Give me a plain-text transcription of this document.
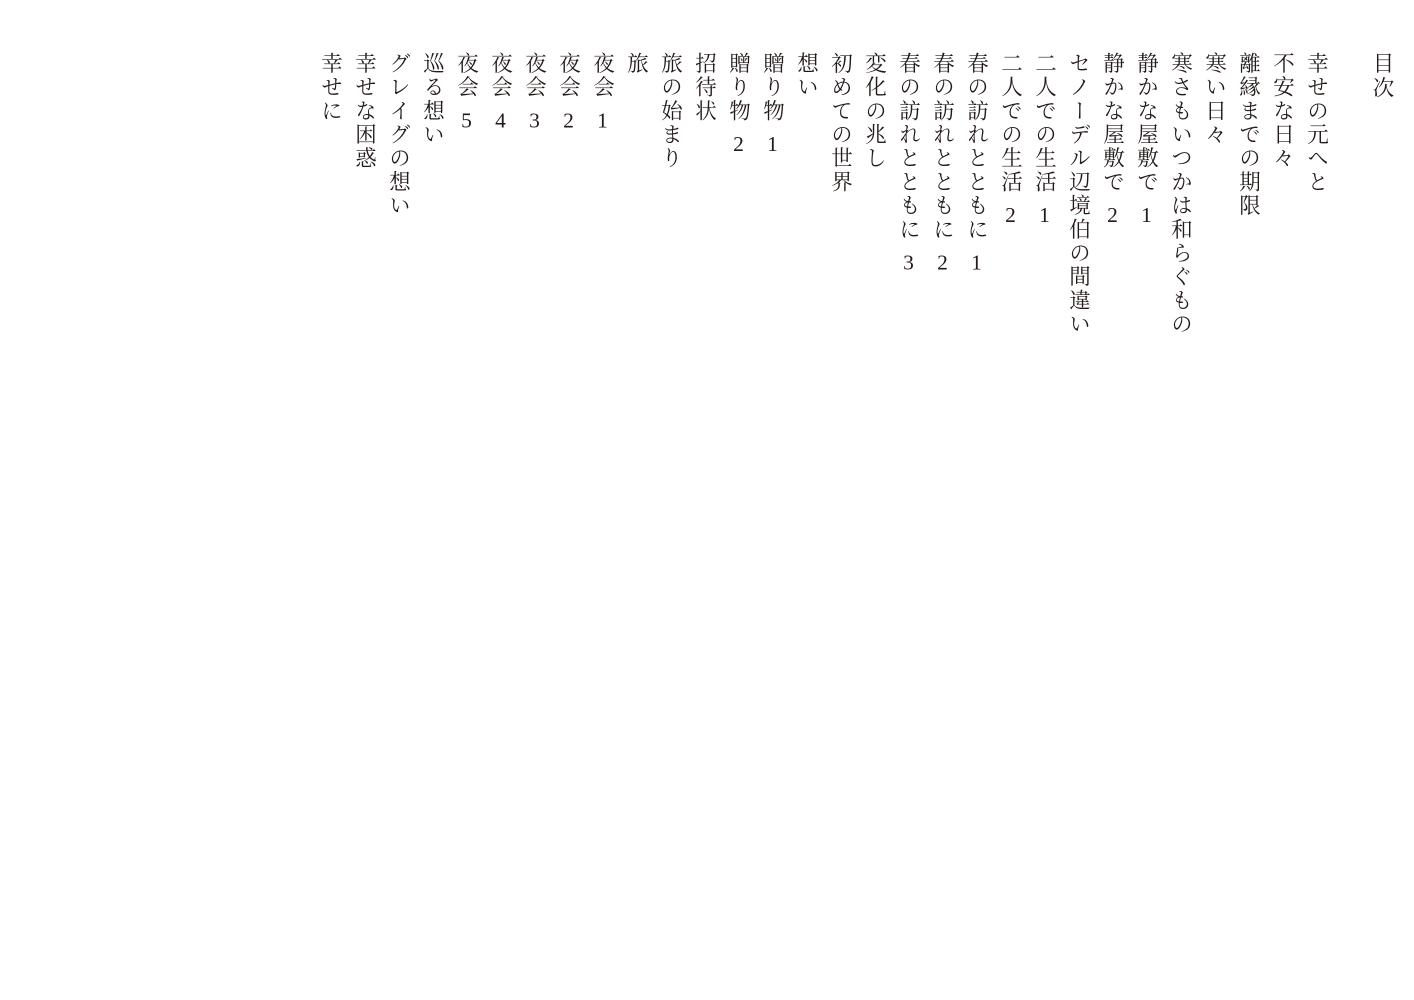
目次
幸せの元へと
不安な日々
離縁までの期限
寒い日々
寒さもいつかは和らぐもの
静かな屋敷で1
静かな屋敷で2
セノーデル辺境伯の間違い
二人での生活1
二人での生活2
春の訪れとともに1
春の訪れとともに2
春の訪れとともに3
変化の兆し
初めての世界
想い
贈り物1
贈り物2
招待状
旅の始まり
旅
夜会1
夜会2
夜会3
夜会4
夜会5
巡る想い
グレイグの想い
幸せな困惑
幸せに
